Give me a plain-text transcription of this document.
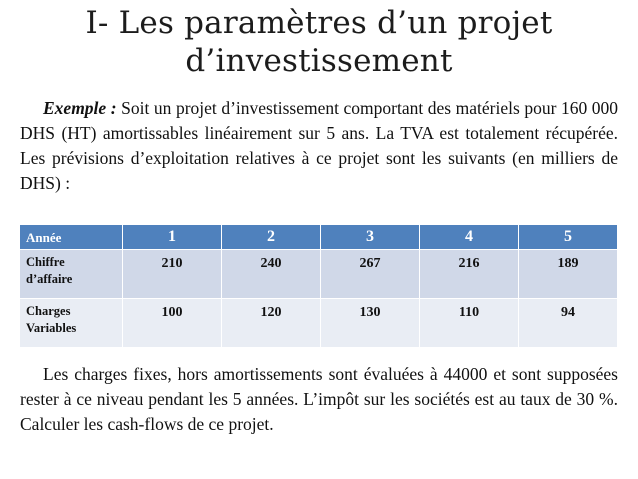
I- Les paramètres d’un projet
d’investissement
Exemple : Soit un projet d’investissement comportant des matériels pour 160 000 DHS (HT) amortissables linéairement sur 5 ans. La TVA est totalement récupérée. Les prévisions d’exploitation relatives à ce projet sont les suivants (en milliers de DHS) :
Année	1	2	3	4	5

Chiffre
d’affaire	210	240	267	216	189

Charges
Variables	100	120	130	110	94
Les charges fixes, hors amortissements sont évaluées à 44000 et sont supposées rester à ce niveau pendant les 5 années. L’impôt sur les sociétés est au taux de 30 %. Calculer les cash-flows de ce projet.
